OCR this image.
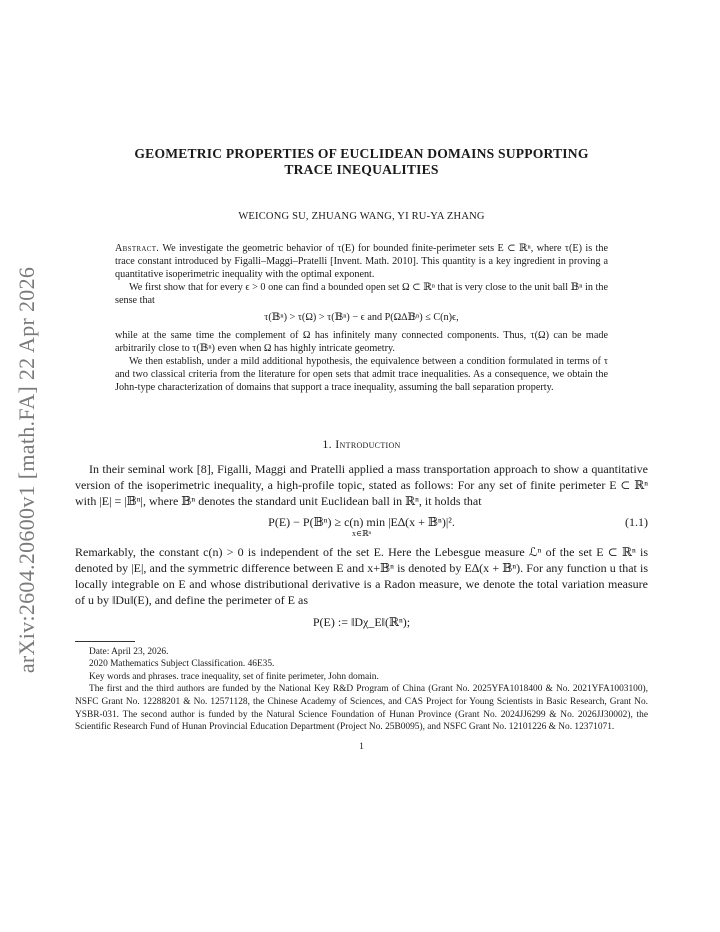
arXiv:2604.20600v1 [math.FA] 22 Apr 2026
GEOMETRIC PROPERTIES OF EUCLIDEAN DOMAINS SUPPORTING
TRACE INEQUALITIES
WEICONG SU, ZHUANG WANG, YI RU-YA ZHANG

Abstract. We investigate the geometric behavior of τ(E) for bounded finite-perimeter sets E ⊂ ℝⁿ, where τ(E) is the trace constant introduced by Figalli–Maggi–Pratelli [Invent. Math. 2010]. This quantity is a key ingredient in proving a quantitative isoperimetric inequality with the optimal exponent.

We first show that for every ϵ > 0 one can find a bounded open set Ω ⊂ ℝⁿ that is very close to the unit ball 𝔹ⁿ in the sense that

τ(𝔹ⁿ) > τ(Ω) > τ(𝔹ⁿ) − ϵ and P(Ω∆𝔹ⁿ) ≤ C(n)ϵ,

while at the same time the complement of Ω has infinitely many connected components. Thus, τ(Ω) can be made arbitrarily close to τ(𝔹ⁿ) even when Ω has highly intricate geometry.

We then establish, under a mild additional hypothesis, the equivalence between a condition formulated in terms of τ and two classical criteria from the literature for open sets that admit trace inequalities. As a consequence, we obtain the John-type characterization of domains that support a trace inequality, assuming the ball separation property.

1. Introduction

In their seminal work [8], Figalli, Maggi and Pratelli applied a mass transportation approach to show a quantitative version of the isoperimetric inequality, a high-profile topic, stated as follows: For any set of finite perimeter E ⊂ ℝⁿ with |E| = |𝔹ⁿ|, where 𝔹ⁿ denotes the standard unit Euclidean ball in ℝⁿ, it holds that

P(E) − P(𝔹ⁿ) ≥ c(n) min |E∆(x + 𝔹ⁿ)|².
x∈ℝⁿ
(1.1)

Remarkably, the constant c(n) > 0 is independent of the set E. Here the Lebesgue measure ℒⁿ of the set E ⊂ ℝⁿ is denoted by |E|, and the symmetric difference between E and x+𝔹ⁿ is denoted by E∆(x + 𝔹ⁿ). For any function u that is locally integrable on E and whose distributional derivative is a Radon measure, we denote the total variation measure of u by ‖Du‖(E), and define the perimeter of E as

P(E) := ‖Dχ_E‖(ℝⁿ);

Date: April 23, 2026.

2020 Mathematics Subject Classification. 46E35.

Key words and phrases. trace inequality, set of finite perimeter, John domain.

The first and the third authors are funded by the National Key R&D Program of China (Grant No. 2025YFA1018400 & No. 2021YFA1003100), NSFC Grant No. 12288201 & No. 12571128, the Chinese Academy of Sciences, and CAS Project for Young Scientists in Basic Research, Grant No. YSBR-031. The second author is funded by the Natural Science Foundation of Hunan Province (Grant No. 2024JJ6299 & No. 2026JJ30002), the Scientific Research Fund of Hunan Provincial Education Department (Project No. 25B0095), and NSFC Grant No. 12101226 & No. 12371071.

1
